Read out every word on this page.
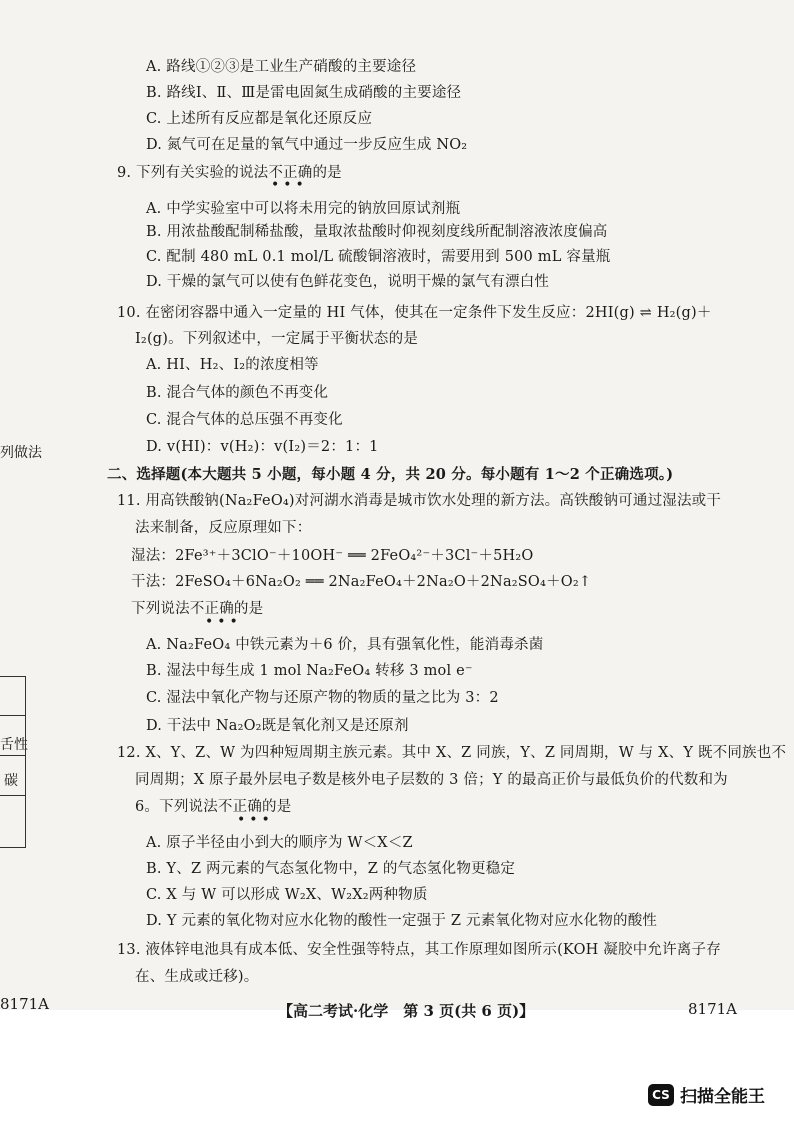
A. 路线①②③是工业生产硝酸的主要途径
B. 路线Ⅰ、Ⅱ、Ⅲ是雷电固氮生成硝酸的主要途径
C. 上述所有反应都是氧化还原反应
D. 氮气可在足量的氧气中通过一步反应生成 NO₂
9. 下列有关实验的说法不正确的是
A. 中学实验室中可以将未用完的钠放回原试剂瓶
B. 用浓盐酸配制稀盐酸，量取浓盐酸时仰视刻度线所配制溶液浓度偏高
C. 配制 480 mL 0.1 mol/L 硫酸铜溶液时，需要用到 500 mL 容量瓶
D. 干燥的氯气可以使有色鲜花变色，说明干燥的氯气有漂白性
10. 在密闭容器中通入一定量的 HI 气体，使其在一定条件下发生反应：2HI(g) ⇌ H₂(g)＋
I₂(g)。下列叙述中，一定属于平衡状态的是
A. HI、H₂、I₂的浓度相等
B. 混合气体的颜色不再变化
C. 混合气体的总压强不再变化
D. v(HI)：v(H₂)：v(I₂)＝2：1：1
二、选择题(本大题共 5 小题，每小题 4 分，共 20 分。每小题有 1～2 个正确选项。)
11. 用高铁酸钠(Na₂FeO₄)对河湖水消毒是城市饮水处理的新方法。高铁酸钠可通过湿法或干
法来制备，反应原理如下：
湿法：2Fe³⁺＋3ClO⁻＋10OH⁻ ══ 2FeO₄²⁻＋3Cl⁻＋5H₂O
干法：2FeSO₄＋6Na₂O₂ ══ 2Na₂FeO₄＋2Na₂O＋2Na₂SO₄＋O₂↑
下列说法不正确的是
A. Na₂FeO₄ 中铁元素为＋6 价，具有强氧化性，能消毒杀菌
B. 湿法中每生成 1 mol Na₂FeO₄ 转移 3 mol e⁻
C. 湿法中氧化产物与还原产物的物质的量之比为 3：2
D. 干法中 Na₂O₂既是氧化剂又是还原剂
12. X、Y、Z、W 为四种短周期主族元素。其中 X、Z 同族，Y、Z 同周期，W 与 X、Y 既不同族也不
同周期；X 原子最外层电子数是核外电子层数的 3 倍；Y 的最高正价与最低负价的代数和为
6。下列说法不正确的是
A. 原子半径由小到大的顺序为 W＜X＜Z
B. Y、Z 两元素的气态氢化物中，Z 的气态氢化物更稳定
C. X 与 W 可以形成 W₂X、W₂X₂两种物质
D. Y 元素的氧化物对应水化物的酸性一定强于 Z 元素氧化物对应水化物的酸性
13. 液体锌电池具有成本低、安全性强等特点，其工作原理如图所示(KOH 凝胶中允许离子存
在、生成或迁移)。
•••
•••
•••
列做法
舌性
碳
8171A	【高二考试·化学　第 3 页(共 6 页)】	8171A
CS 扫描全能王
